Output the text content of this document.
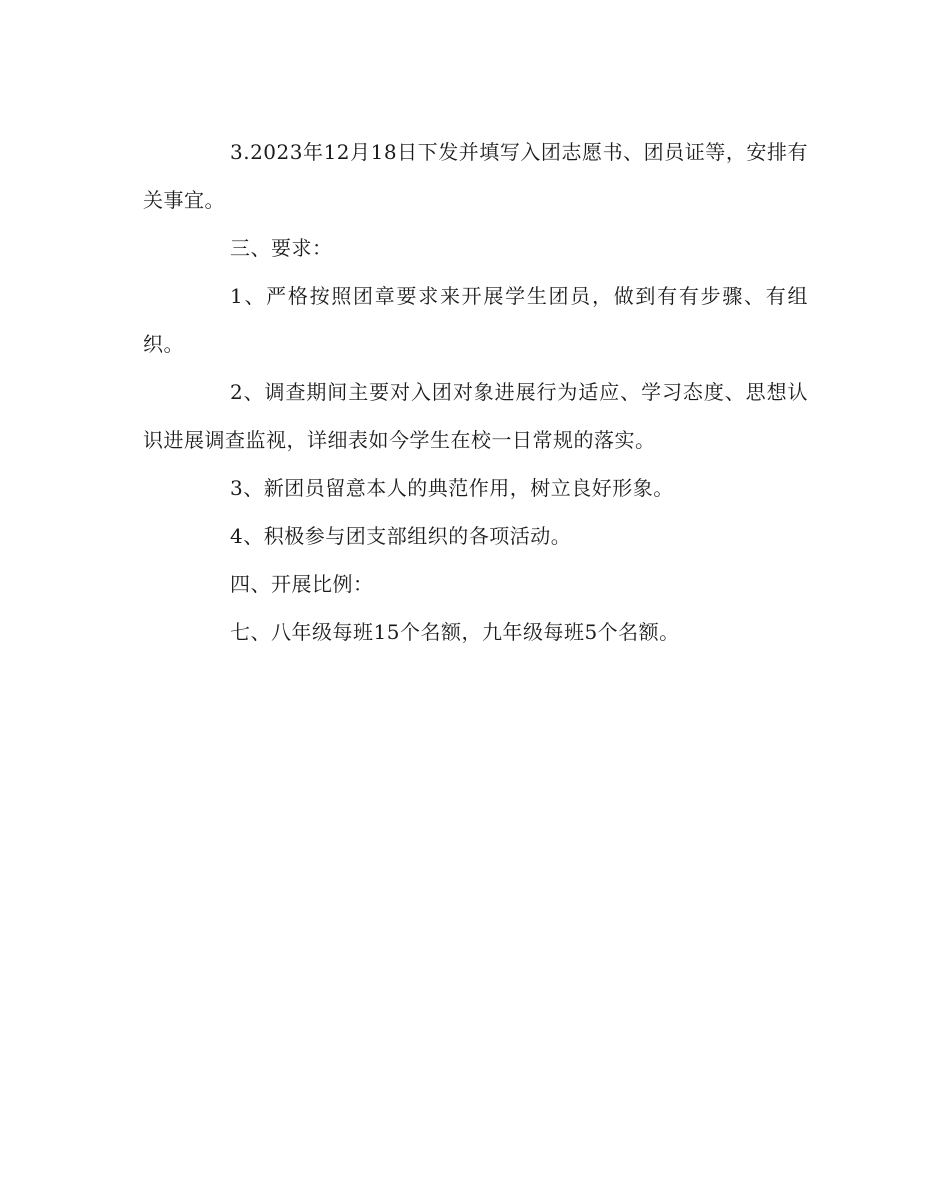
3.2023年12月18日下发并填写入团志愿书、团员证等，安排有关事宜。

三、要求：

1、严格按照团章要求来开展学生团员，做到有有步骤、有组织。

2、调查期间主要对入团对象进展行为适应、学习态度、思想认识进展调查监视，详细表如今学生在校一日常规的落实。

3、新团员留意本人的典范作用，树立良好形象。

4、积极参与团支部组织的各项活动。

四、开展比例：

七、八年级每班15个名额，九年级每班5个名额。
